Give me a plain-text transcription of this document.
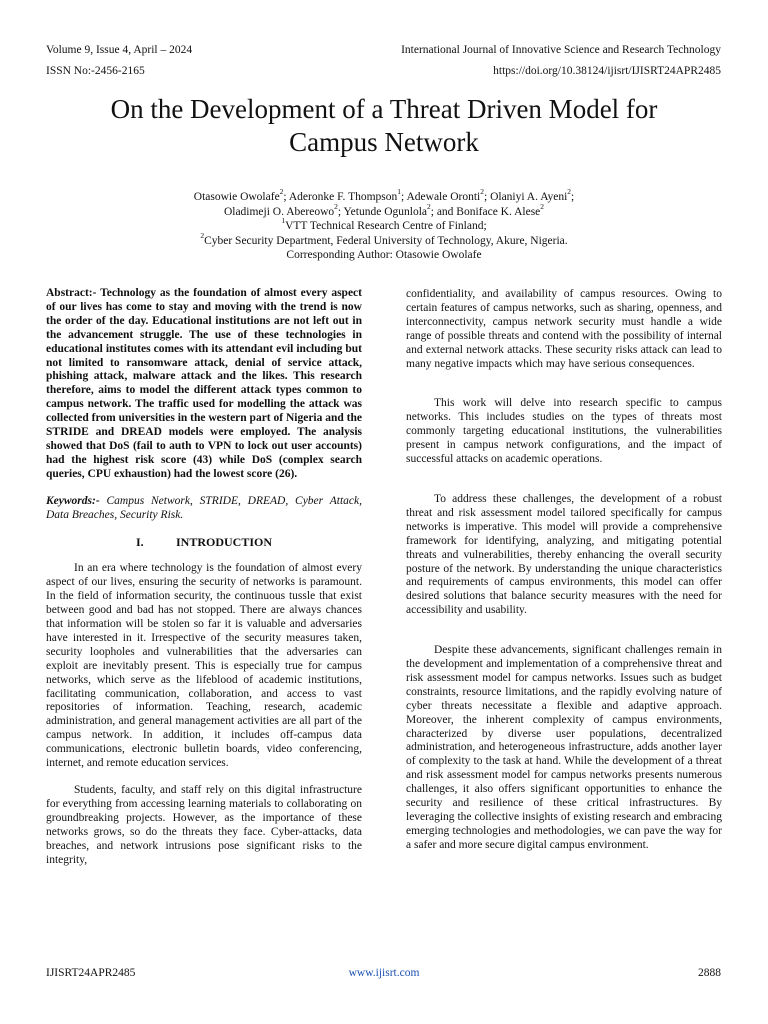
Volume 9, Issue 4, April – 2024
ISSN No:-2456-2165
International Journal of Innovative Science and Research Technology
https://doi.org/10.38124/ijisrt/IJISRT24APR2485
On the Development of a Threat Driven Model for
Campus Network
Otasowie Owolafe$^2$; Aderonke F. Thompson$^1$; Adewale Oronti$^2$; Olaniyi A. Ayeni$^2$;
Oladimeji O. Abereowo$^2$; Yetunde Ogunlola$^2$; and Boniface K. Alese$^2$
$^1$VTT Technical Research Centre of Finland;
$^2$Cyber Security Department, Federal University of Technology, Akure, Nigeria.
Corresponding Author: Otasowie Owolafe

Abstract:- Technology as the foundation of almost every aspect of our lives has come to stay and moving with the trend is now the order of the day. Educational institutions are not left out in the advancement struggle. The use of these technologies in educational institutes comes with its attendant evil including but not limited to ransomware attack, denial of service attack, phishing attack, malware attack and the likes. This research therefore, aims to model the different attack types common to campus network. The traffic used for modelling the attack was collected from universities in the western part of Nigeria and the STRIDE and DREAD models were employed. The analysis showed that DoS (fail to auth to VPN to lock out user accounts) had the highest risk score (43) while DoS (complex search queries, CPU exhaustion) had the lowest score (26).

Keywords:- Campus Network, STRIDE, DREAD, Cyber Attack, Data Breaches, Security Risk.

I.	INTRODUCTION

In an era where technology is the foundation of almost every aspect of our lives, ensuring the security of networks is paramount. In the field of information security, the continuous tussle that exist between good and bad has not stopped. There are always chances that information will be stolen so far it is valuable and adversaries have interested in it. Irrespective of the security measures taken, security loopholes and vulnerabilities that the adversaries can exploit are inevitably present. This is especially true for campus networks, which serve as the lifeblood of academic institutions, facilitating communication, collaboration, and access to vast repositories of information. Teaching, research, academic administration, and general management activities are all part of the campus network. In addition, it includes off-campus data communications, electronic bulletin boards, video conferencing, internet, and remote education services.

Students, faculty, and staff rely on this digital infrastructure for everything from accessing learning materials to collaborating on groundbreaking projects. However, as the importance of these networks grows, so do the threats they face. Cyber-attacks, data breaches, and network intrusions pose significant risks to the integrity,

confidentiality, and availability of campus resources. Owing to certain features of campus networks, such as sharing, openness, and interconnectivity, campus network security must handle a wide range of possible threats and contend with the possibility of internal and external network attacks. These security risks attack can lead to many negative impacts which may have serious consequences.

This work will delve into research specific to campus networks. This includes studies on the types of threats most commonly targeting educational institutions, the vulnerabilities present in campus network configurations, and the impact of successful attacks on academic operations.

To address these challenges, the development of a robust threat and risk assessment model tailored specifically for campus networks is imperative. This model will provide a comprehensive framework for identifying, analyzing, and mitigating potential threats and vulnerabilities, thereby enhancing the overall security posture of the network. By understanding the unique characteristics and requirements of campus environments, this model can offer desired solutions that balance security measures with the need for accessibility and usability.

Despite these advancements, significant challenges remain in the development and implementation of a comprehensive threat and risk assessment model for campus networks. Issues such as budget constraints, resource limitations, and the rapidly evolving nature of cyber threats necessitate a flexible and adaptive approach. Moreover, the inherent complexity of campus environments, characterized by diverse user populations, decentralized administration, and heterogeneous infrastructure, adds another layer of complexity to the task at hand. While the development of a threat and risk assessment model for campus networks presents numerous challenges, it also offers significant opportunities to enhance the security and resilience of these critical infrastructures. By leveraging the collective insights of existing research and embracing emerging technologies and methodologies, we can pave the way for a safer and more secure digital campus environment.

IJISRT24APR2485	www.ijisrt.com	2888
